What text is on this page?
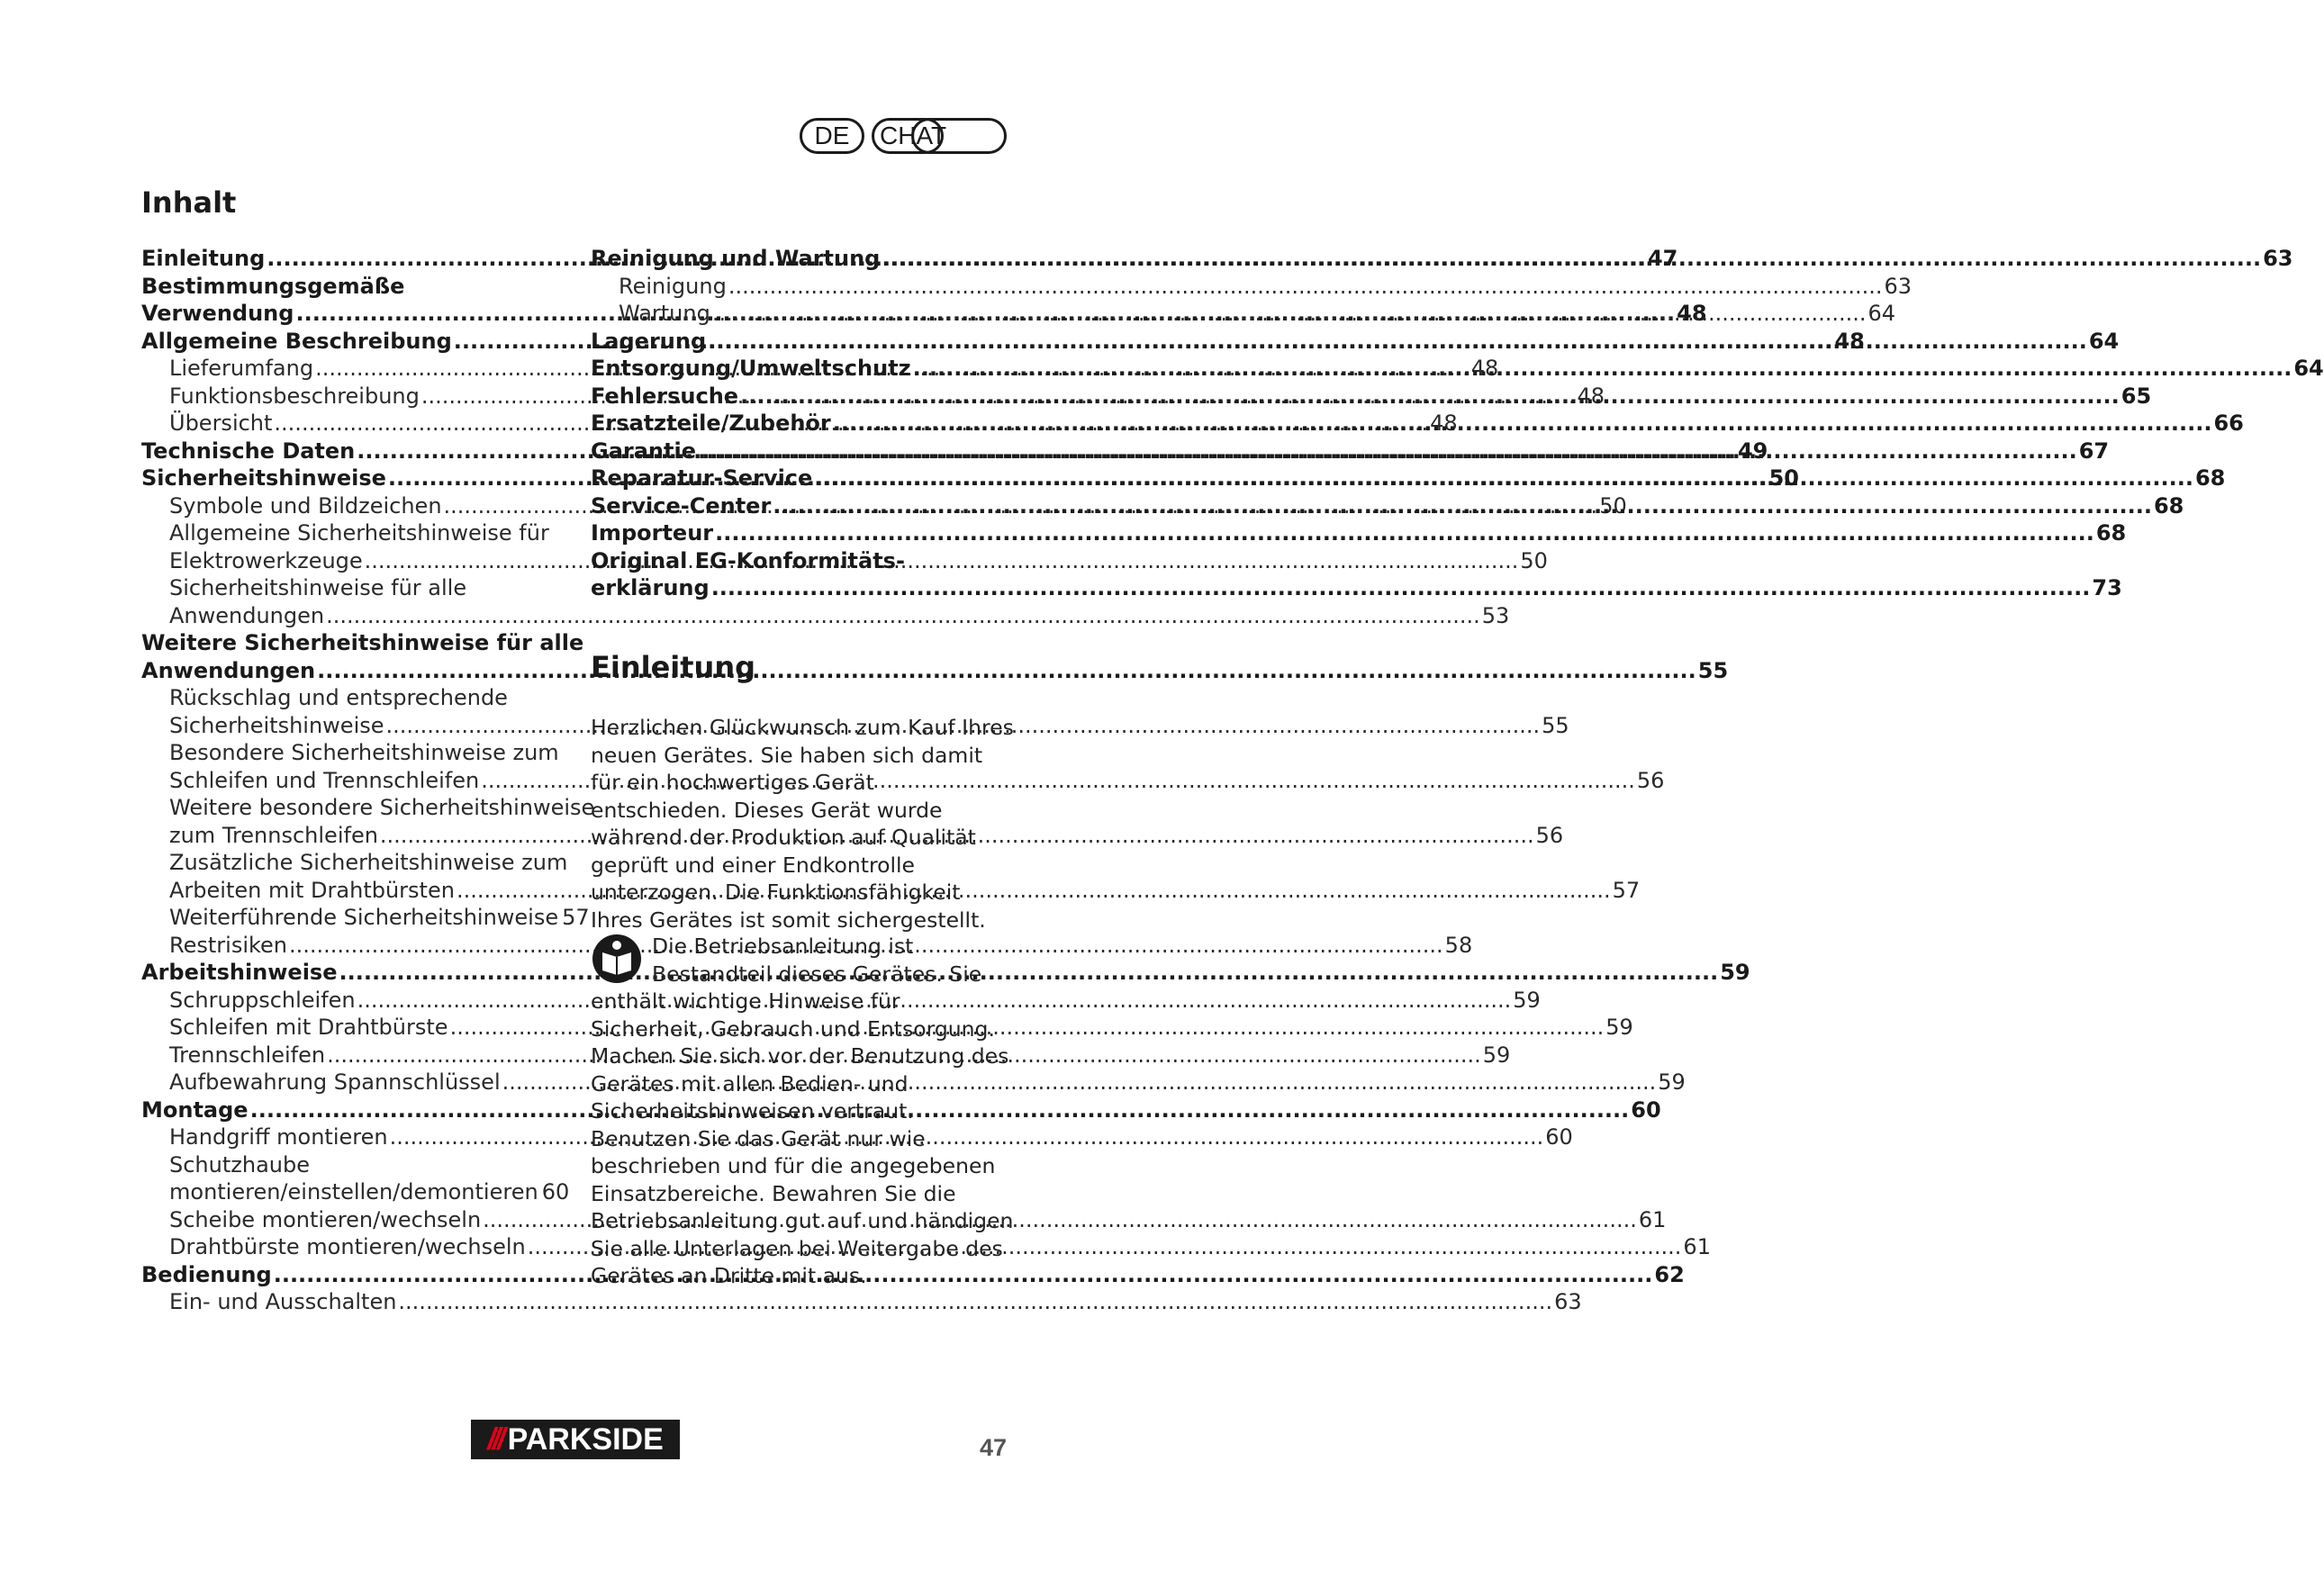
DE	CHAT
Inhalt
Einleitung .....	47
Bestimmungsgemäße
Verwendung .....	48
Allgemeine Beschreibung .....	48
Lieferumfang .....	48
Funktionsbeschreibung .....	48
Übersicht .....	48
Technische Daten .....	49
Sicherheitshinweise .....	50
Symbole und Bildzeichen .....	50
Allgemeine Sicherheitshinweise für
Elektrowerkzeuge .....	50
Sicherheitshinweise für alle
Anwendungen .....	53
Weitere Sicherheitshinweise für alle
Anwendungen .....	55
Rückschlag und entsprechende
Sicherheitshinweise .....	55
Besondere Sicherheitshinweise zum
Schleifen und Trennschleifen .....	56
Weitere besondere Sicherheitshinweise
zum Trennschleifen .....	56
Zusätzliche Sicherheitshinweise zum
Arbeiten mit Drahtbürsten .....	57
Weiterführende Sicherheitshinweise 57
Restrisiken .....	58
Arbeitshinweise .....	59
Schruppschleifen .....	59
Schleifen mit Drahtbürste .....	59
Trennschleifen .....	59
Aufbewahrung Spannschlüssel .....	59
Montage .....	60
Handgriff montieren .....	60
Schutzhaube
montieren/einstellen/demontieren 60
Scheibe montieren/wechseln .....	61
Drahtbürste montieren/wechseln .....	61
Bedienung .....	62
Ein- und Ausschalten .....	63
Reinigung und Wartung .....	63
Reinigung .....	63
Wartung .....	64
Lagerung .....	64
Entsorgung/Umweltschutz .....	64
Fehlersuche .....	65
Ersatzteile/Zubehör .....	66
Garantie .....	67
Reparatur-Service .....	68
Service-Center .....	68
Importeur .....	68
Original EG-Konformitäts-
erklärung .....	73
Einleitung

Herzlichen Glückwunsch zum Kauf Ihres neuen Gerätes. Sie haben sich damit für ein hochwertiges Gerät entschieden. Dieses Gerät wurde während der Produktion auf Qualität geprüft und einer Endkontrolle unterzogen. Die Funktionsfähigkeit Ihres Gerätes ist somit sichergestellt.

Die Betriebsanleitung ist Bestandteil dieses Gerätes. Sie enthält wichtige Hinweise für Sicherheit, Gebrauch und Entsorgung. Machen Sie sich vor der Benutzung des Gerätes mit allen Bedien- und Sicherheitshinweisen vertraut. Benutzen Sie das Gerät nur wie beschrieben und für die angegebenen Einsatzbereiche. Bewahren Sie die Betriebsanleitung gut auf und händigen Sie alle Unterlagen bei Weitergabe des Gerätes an Dritte mit aus.
/// PARKSIDE	47
